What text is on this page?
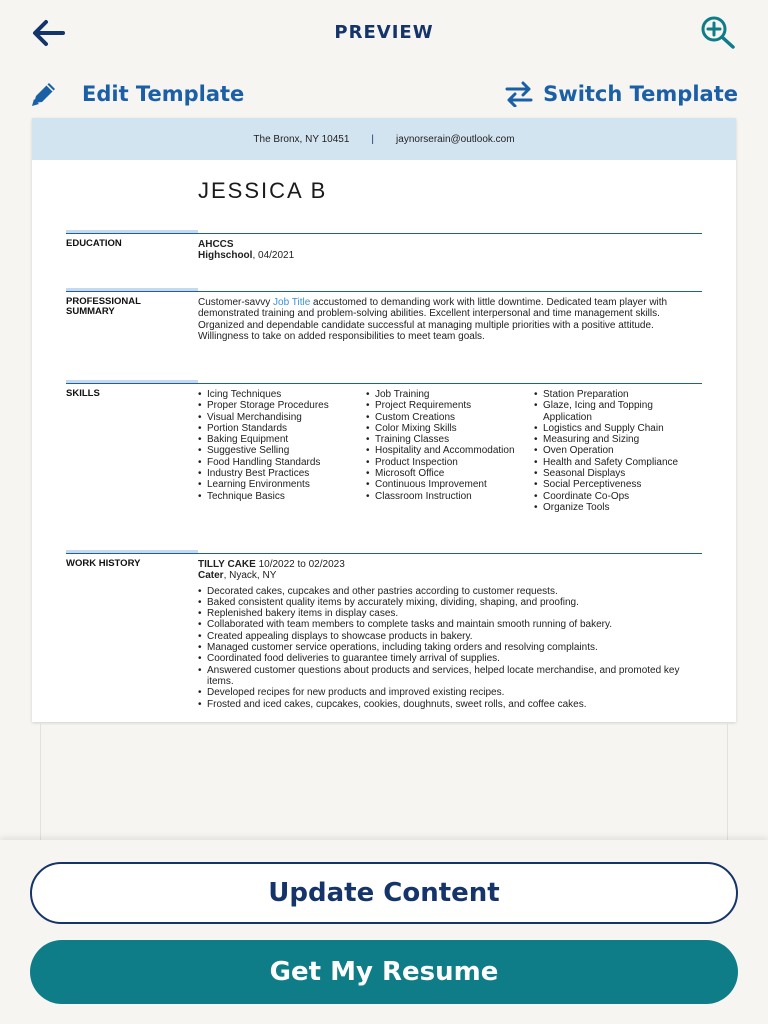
PREVIEW
Edit Template	Switch Template
The Bronx, NY 10451 | jaynorserain@outlook.com
JESSICA B
EDUCATION	AHCCS
Highschool, 04/2021
PROFESSIONAL
SUMMARY
Customer-savvy Job Title accustomed to demanding work with little downtime. Dedicated team player with demonstrated training and problem-solving abilities. Excellent interpersonal and time management skills. Organized and dependable candidate successful at managing multiple priorities with a positive attitude. Willingness to take on added responsibilities to meet team goals.
SKILLS
•	Icing Techniques
• Proper Storage Procedures
• Visual Merchandising
• Portion Standards
• Baking Equipment
• Suggestive Selling
• Food Handling Standards
• Industry Best Practices
• Learning Environments
• Technique Basics
• Job Training
• Project Requirements
• Custom Creations
• Color Mixing Skills
• Training Classes
• Hospitality and Accommodation
• Product Inspection
• Microsoft Office
• Continuous Improvement
• Classroom Instruction
• Station Preparation
• Glaze, Icing and Topping Application
• Logistics and Supply Chain
• Measuring and Sizing
• Oven Operation
• Health and Safety Compliance
• Seasonal Displays
• Social Perceptiveness
• Coordinate Co-Ops
• Organize Tools
WORK HISTORY	TILLY CAKE 10/2022 to 02/2023
Cater, Nyack, NY
• Decorated cakes, cupcakes and other pastries according to customer requests.
• Baked consistent quality items by accurately mixing, dividing, shaping, and proofing.
• Replenished bakery items in display cases.
• Collaborated with team members to complete tasks and maintain smooth running of bakery.
• Created appealing displays to showcase products in bakery.
• Managed customer service operations, including taking orders and resolving complaints.
• Coordinated food deliveries to guarantee timely arrival of supplies.
• Answered customer questions about products and services, helped locate merchandise, and promoted key items.
• Developed recipes for new products and improved existing recipes.
• Frosted and iced cakes, cupcakes, cookies, doughnuts, sweet rolls, and coffee cakes.
Update Content
Get My Resume
